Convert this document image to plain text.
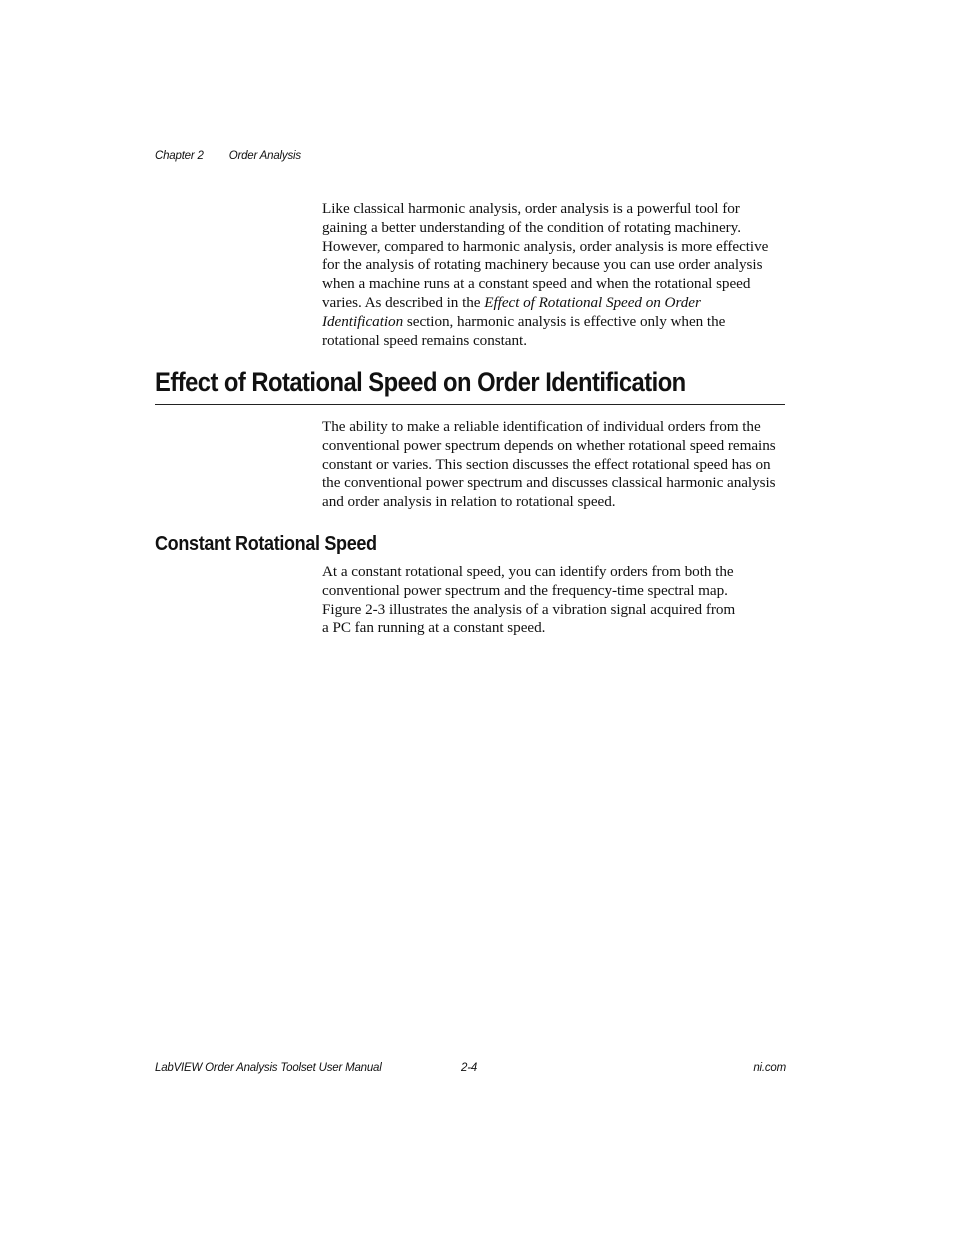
Chapter 2 Order Analysis

Like classical harmonic analysis, order analysis is a powerful tool for
gaining a better understanding of the condition of rotating machinery.
However, compared to harmonic analysis, order analysis is more effective
for the analysis of rotating machinery because you can use order analysis
when a machine runs at a constant speed and when the rotational speed
varies. As described in the Effect of Rotational Speed on Order
Identification section, harmonic analysis is effective only when the
rotational speed remains constant.

Effect of Rotational Speed on Order Identification

The ability to make a reliable identification of individual orders from the
conventional power spectrum depends on whether rotational speed remains
constant or varies. This section discusses the effect rotational speed has on
the conventional power spectrum and discusses classical harmonic analysis
and order analysis in relation to rotational speed.

Constant Rotational Speed

At a constant rotational speed, you can identify orders from both the
conventional power spectrum and the frequency-time spectral map.
Figure 2-3 illustrates the analysis of a vibration signal acquired from
a PC fan running at a constant speed.

LabVIEW Order Analysis Toolset User Manual	2-4	ni.com
